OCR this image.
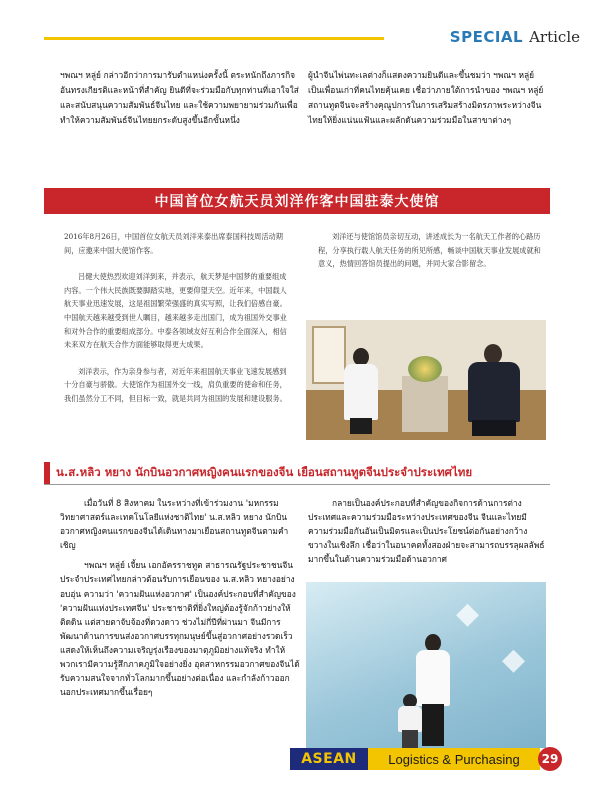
SPECIAL Article
ฯพณฯ หลู่ย์ กล่าวอีกว่าการมารับตำแหน่งครั้งนี้ ตระหนักถึงภารกิจอันทรงเกียรติและหน้าที่สำคัญ ยินดีที่จะร่วมมือกับทุกท่านที่เอาใจใส่และสนับสนุนความสัมพันธ์จีนไทย และใช้ความพยายามร่วมกันเพื่อทำให้ความสัมพันธ์จีนไทยยกระดับสูงขึ้นอีกขั้นหนึ่ง
ผู้นำจีนไพ่นทะเลต่างก็แสดงความยินดีและขึ้นชมว่า ฯพณฯ หลู่ย์เป็นเพื่อนเก่าที่คนไทยคุ้นเคย เชื่อว่าภายใต้การนำของ ฯพณฯ หลู่ย์ สถานทูตจีนจะสร้างคุณูปการในการเสริมสร้างมิตรภาพระหว่างจีนไทยให้ยิ่งแน่นแฟ้นและผลักดันความร่วมมือในสาขาต่างๆ
中国首位女航天员刘洋作客中国驻泰大使馆

2016年8月26日，中国首位女航天员刘洋来泰出席泰国科技周活动期间，应邀来中国大使馆作客。

吕健大使热烈欢迎刘洋到来，并表示，航天梦是中国梦的重要组成内容。一个伟大民族既要脚踏实地，更要仰望天空。近年来，中国载人航天事业迅速发展，这是祖国繁荣强盛的真实写照，让我们倍感自豪。中国航天越来越受到世人瞩目，越来越多走出国门，成为祖国外交事业和对外合作的重要组成部分。中泰各领域友好互利合作全面深入，相信未来双方在航天合作方面能够取得更大成果。

刘洋表示，作为亲身参与者，对近年来祖国航天事业飞速发展感到十分自豪与骄傲。大使馆作为祖国外交一线，肩负重要的使命和任务，我们虽然分工不同，但目标一致，就是共同为祖国的发展和建设服务。

刘洋还与使馆馆员亲切互动，讲述成长为一名航天工作者的心路历程，分享执行载人航天任务的所见所感，畅谈中国航天事业发展成就和意义，热情回答馆员提出的问题，并同大家合影留念。

น.ส.หลิว หยาง นักบินอวกาศหญิงคนแรกของจีน เยือนสถานทูตจีนประจำประเทศไทย

เมื่อวันที่ 8 สิงหาคม ในระหว่างที่เข้าร่วมงาน 'มหกรรมวิทยาศาสตร์และเทคโนโลยีแห่งชาติไทย' น.ส.หลิว หยาง นักบินอวกาศหญิงคนแรกของจีนได้เดินทางมาเยือนสถานทูตจีนตามคำเชิญ

ฯพณฯ หลู่ย์ เจี้ยน เอกอัครราชทูต สาธารณรัฐประชาชนจีนประจำประเทศไทยกล่าวต้อนรับการเยือนของ น.ส.หลิว หยางอย่างอบอุ่น ความว่า 'ความฝันแห่งอวกาศ' เป็นองค์ประกอบที่สำคัญของ 'ความฝันแห่งประเทศจีน' ประชาชาติที่ยิ่งใหญ่ต้องรู้จักก้าวย่างให้ติดดิน แต่สายตาจับจ้องที่ดวงดาว ช่วงไม่กี่ปีที่ผ่านมา จีนมีการพัฒนาด้านการขนส่งอวกาศบรรทุกมนุษย์ขึ้นสู่อวกาศอย่างรวดเร็ว แสดงให้เห็นถึงความเจริญรุ่งเรืองของมาตุภูมิอย่างแท้จริง ทำให้พวกเรามีความรู้สึกภาคภูมิใจอย่างยิ่ง อุตสาหกรรมอวกาศของจีนได้รับความสนใจจากทั่วโลกมากขึ้นอย่างต่อเนื่อง และกำลังก้าวออกนอกประเทศมากขึ้นเรื่อยๆ

กลายเป็นองค์ประกอบที่สำคัญของกิจการด้านการต่างประเทศและความร่วมมือระหว่างประเทศของจีน จีนและไทยมีความร่วมมือกันอันเป็นมิตรและเป็นประโยชน์ต่อกันอย่างกว้างขวางในเชิงลึก เชื่อว่าในอนาคตทั้งสองฝ่ายจะสามารถบรรลุผลลัพธ์มากขึ้นในด้านความร่วมมือด้านอวกาศ

◆
◆
ASEAN Logistics & Purchasing 29
